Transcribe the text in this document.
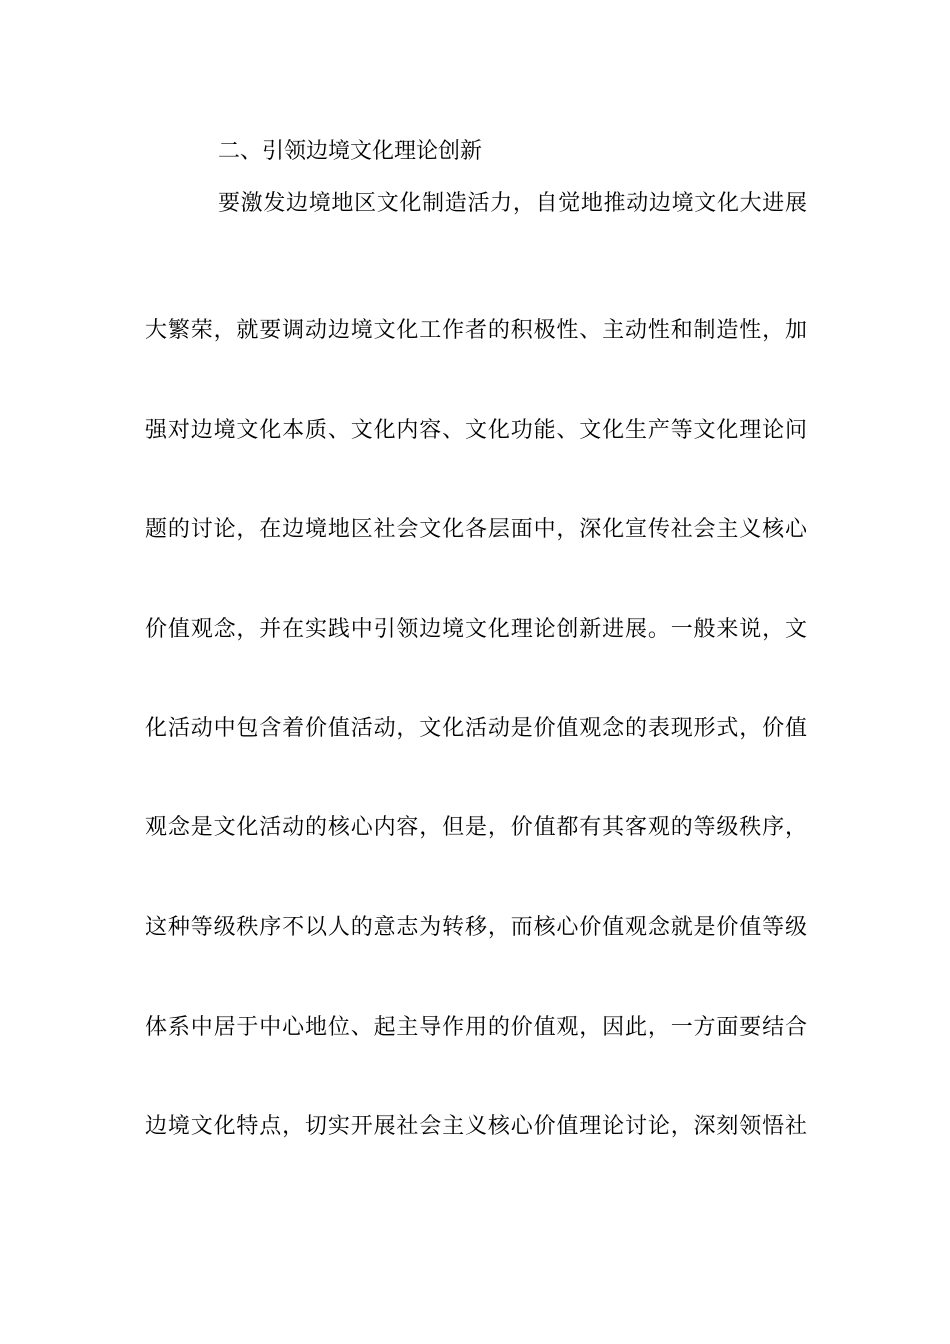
二、引领边境文化理论创新
要激发边境地区文化制造活力，自觉地推动边境文化大进展
大繁荣，就要调动边境文化工作者的积极性、主动性和制造性，加
强对边境文化本质、文化内容、文化功能、文化生产等文化理论问
题的讨论，在边境地区社会文化各层面中，深化宣传社会主义核心
价值观念，并在实践中引领边境文化理论创新进展。一般来说，文
化活动中包含着价值活动，文化活动是价值观念的表现形式，价值
观念是文化活动的核心内容，但是，价值都有其客观的等级秩序，
这种等级秩序不以人的意志为转移，而核心价值观念就是价值等级
体系中居于中心地位、起主导作用的价值观，因此，一方面要结合
边境文化特点，切实开展社会主义核心价值理论讨论，深刻领悟社
